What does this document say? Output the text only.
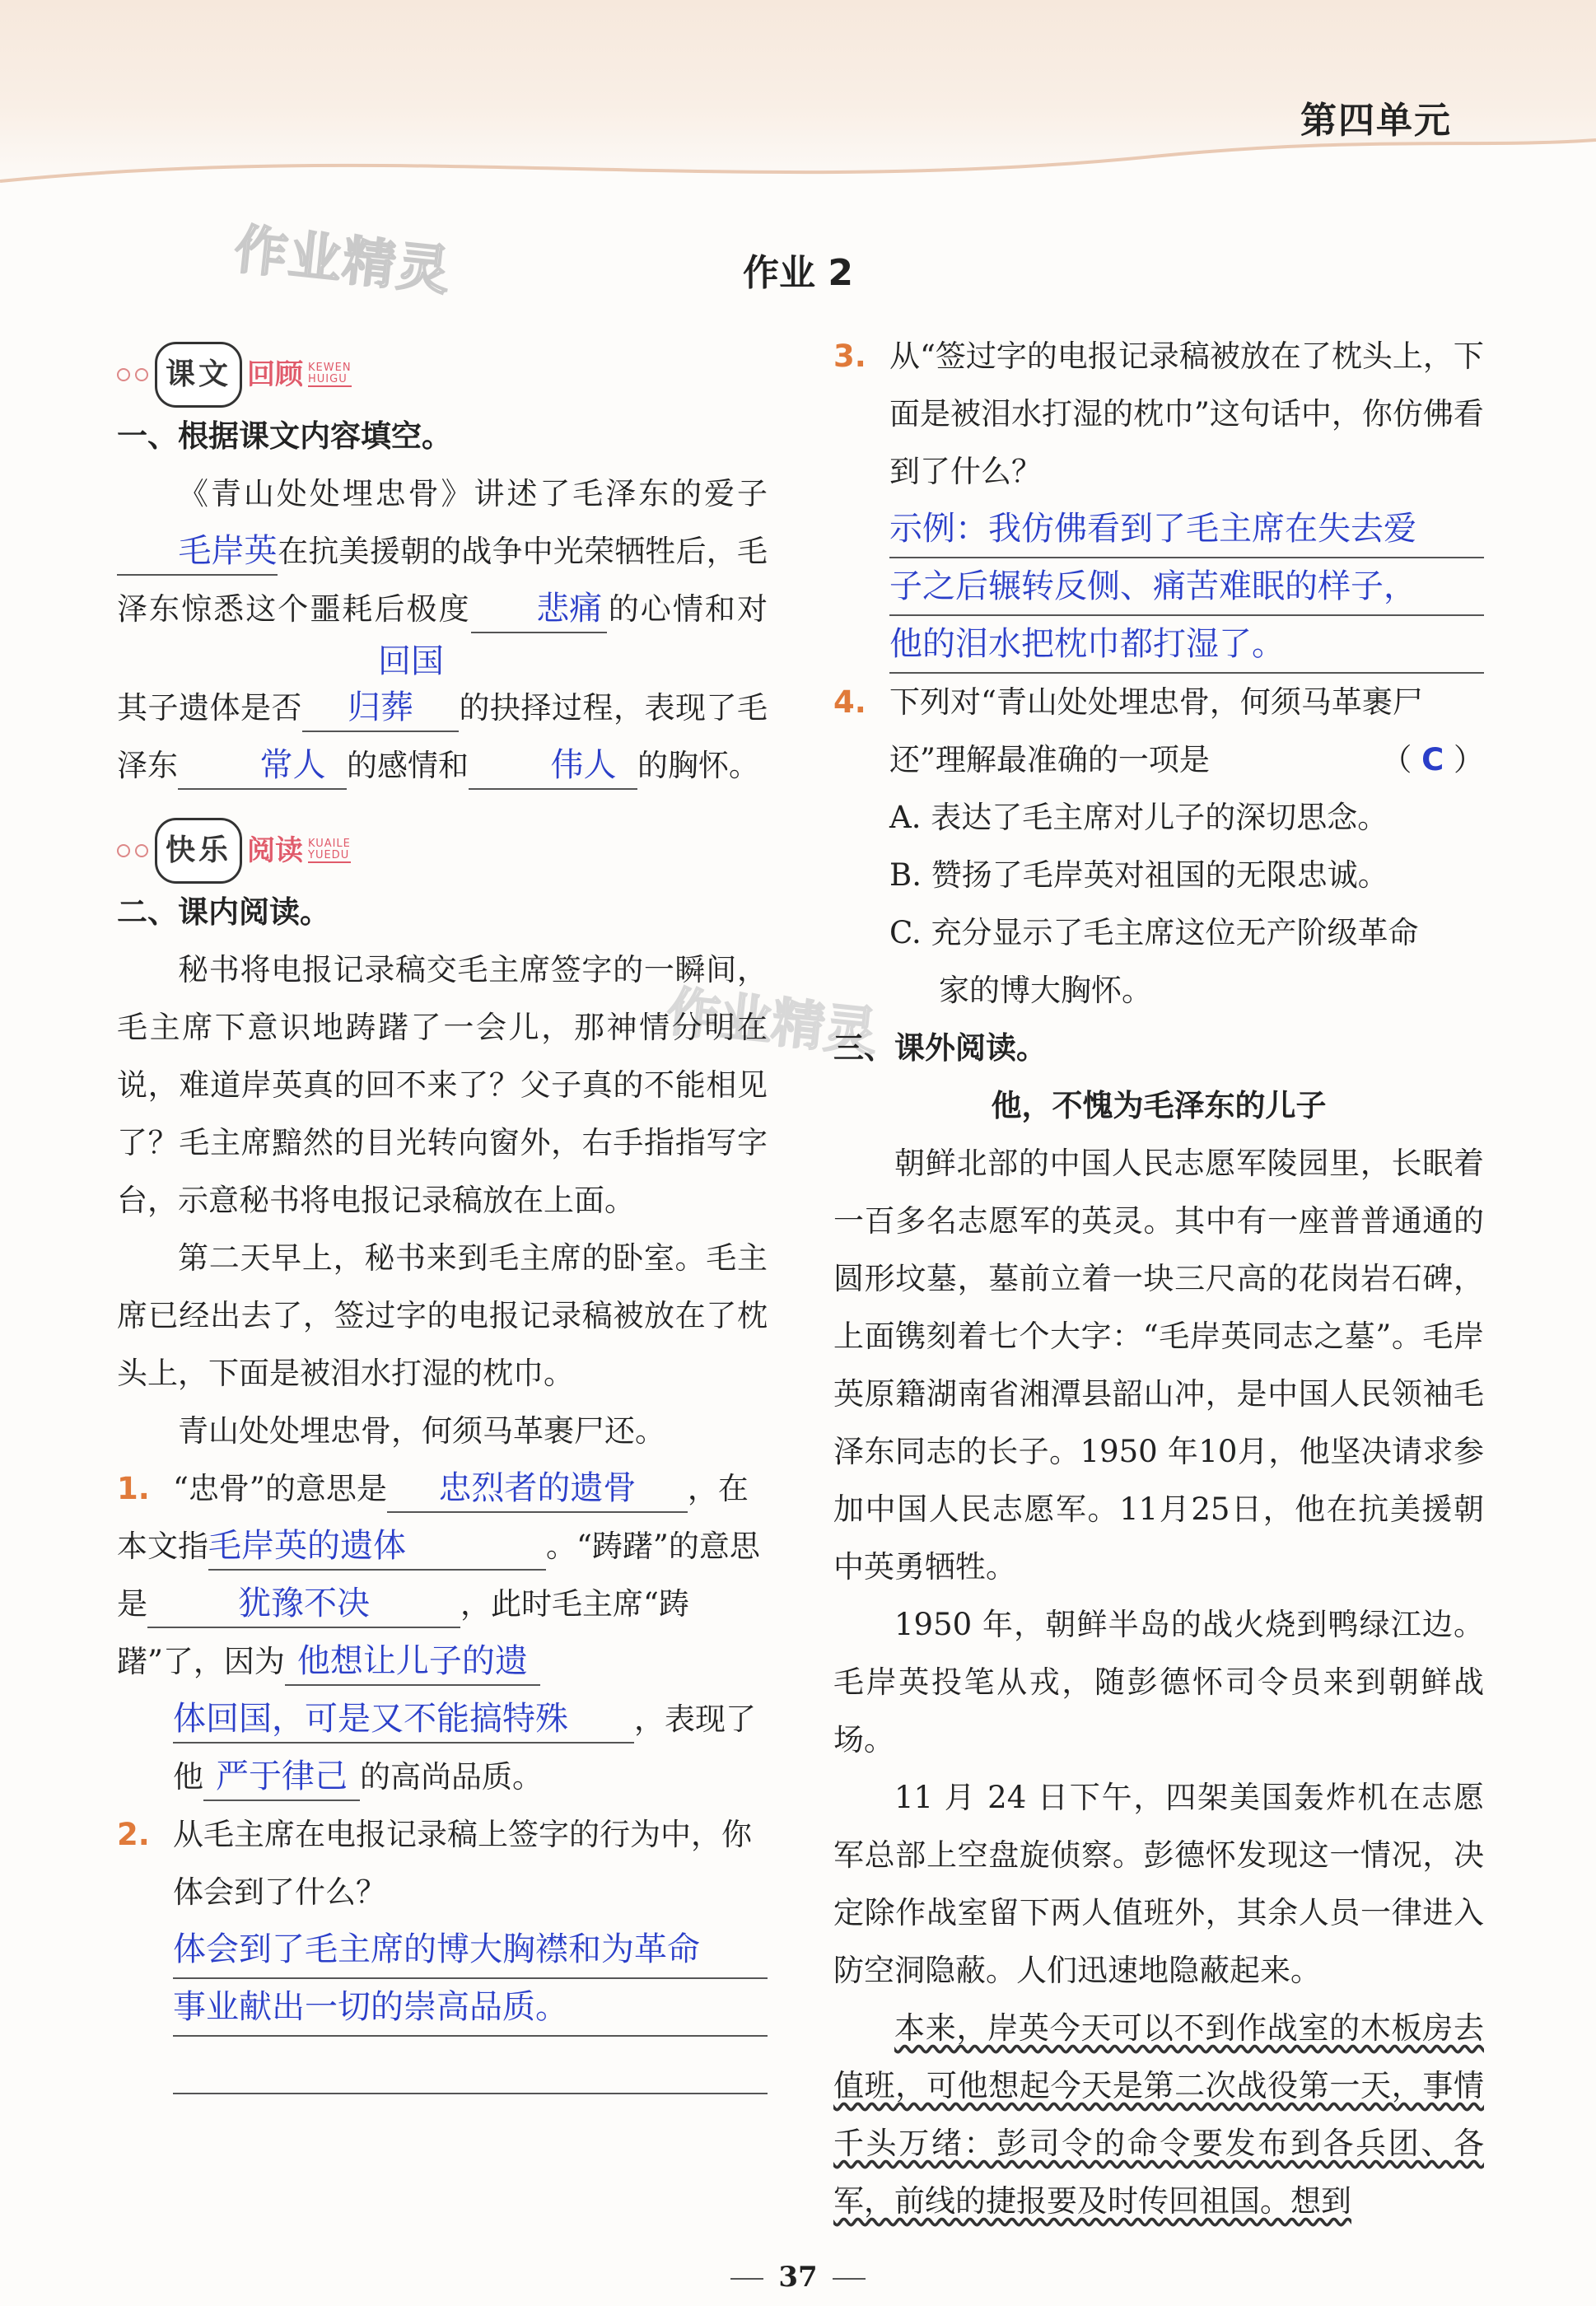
第四单元
作业精灵
作业精灵
作业 2
课文 回顾 KEWEN
HUIGU

一、根据课文内容填空。

《青山处处埋忠骨》讲述了毛泽东的爱子毛岸英在抗美援朝的战争中光荣牺牲后，毛泽东惊悉这个噩耗后极度 悲痛 的心情和对其子遗体是否回国归葬 的抉择过程，表现了毛泽东 常人 的感情和 伟人 的胸怀。

快乐 阅读 KUAILE
YUEDU

二、课内阅读。

秘书将电报记录稿交毛主席签字的一瞬间，毛主席下意识地踌躇了一会儿，那神情分明在说，难道岸英真的回不来了？父子真的不能相见了？毛主席黯然的目光转向窗外，右手指指写字台，示意秘书将电报记录稿放在上面。

第二天早上，秘书来到毛主席的卧室。毛主席已经出去了，签过字的电报记录稿被放在了枕头上，下面是被泪水打湿的枕巾。

青山处处埋忠骨，何须马革裹尸还。

1. “忠骨”的意思是 忠烈者的遗骨 ，在本文指毛岸英的遗体	。“踌躇”的意思是	犹豫不决	，此时毛主席“踌躇”了，因为 他想让儿子的遗
体回国，可是又不能搞特殊 ，表现了他 严于律己 的高尚品质。
2. 从毛主席在电报记录稿上签字的行为中，你体会到了什么？
体会到了毛主席的博大胸襟和为革命
事业献出一切的崇高品质。
3. 从“签过字的电报记录稿被放在了枕头上，下面是被泪水打湿的枕巾”这句话中，你仿佛看到了什么？
示例：我仿佛看到了毛主席在失去爱
子之后辗转反侧、痛苦难眠的样子，
他的泪水把枕巾都打湿了。
4. 下列对“青山处处埋忠骨，何须马革裹尸
还”理解最准确的一项是	（ C ）

A. 表达了毛主席对儿子的深切思念。

B. 赞扬了毛岸英对祖国的无限忠诚。

C. 充分显示了毛主席这位无产阶级革命

家的博大胸怀。

三、课外阅读。

他，不愧为毛泽东的儿子

朝鲜北部的中国人民志愿军陵园里，长眠着一百多名志愿军的英灵。其中有一座普普通通的圆形坟墓，墓前立着一块三尺高的花岗岩石碑，上面镌刻着七个大字：“毛岸英同志之墓”。毛岸英原籍湖南省湘潭县韶山冲，是中国人民领袖毛泽东同志的长子。1950 年10月，他坚决请求参加中国人民志愿军。11月25日，他在抗美援朝中英勇牺牲。

1950 年，朝鲜半岛的战火烧到鸭绿江边。毛岸英投笔从戎，随彭德怀司令员来到朝鲜战场。

11 月 24 日下午，四架美国轰炸机在志愿军总部上空盘旋侦察。彭德怀发现这一情况，决定除作战室留下两人值班外，其余人员一律进入防空洞隐蔽。人们迅速地隐蔽起来。

本来，岸英今天可以不到作战室的木板房去值班，可他想起今天是第二次战役第一天，事情千头万绪：彭司令的命令要发布到各兵团、各军，前线的捷报要及时传回祖国。想到

37
